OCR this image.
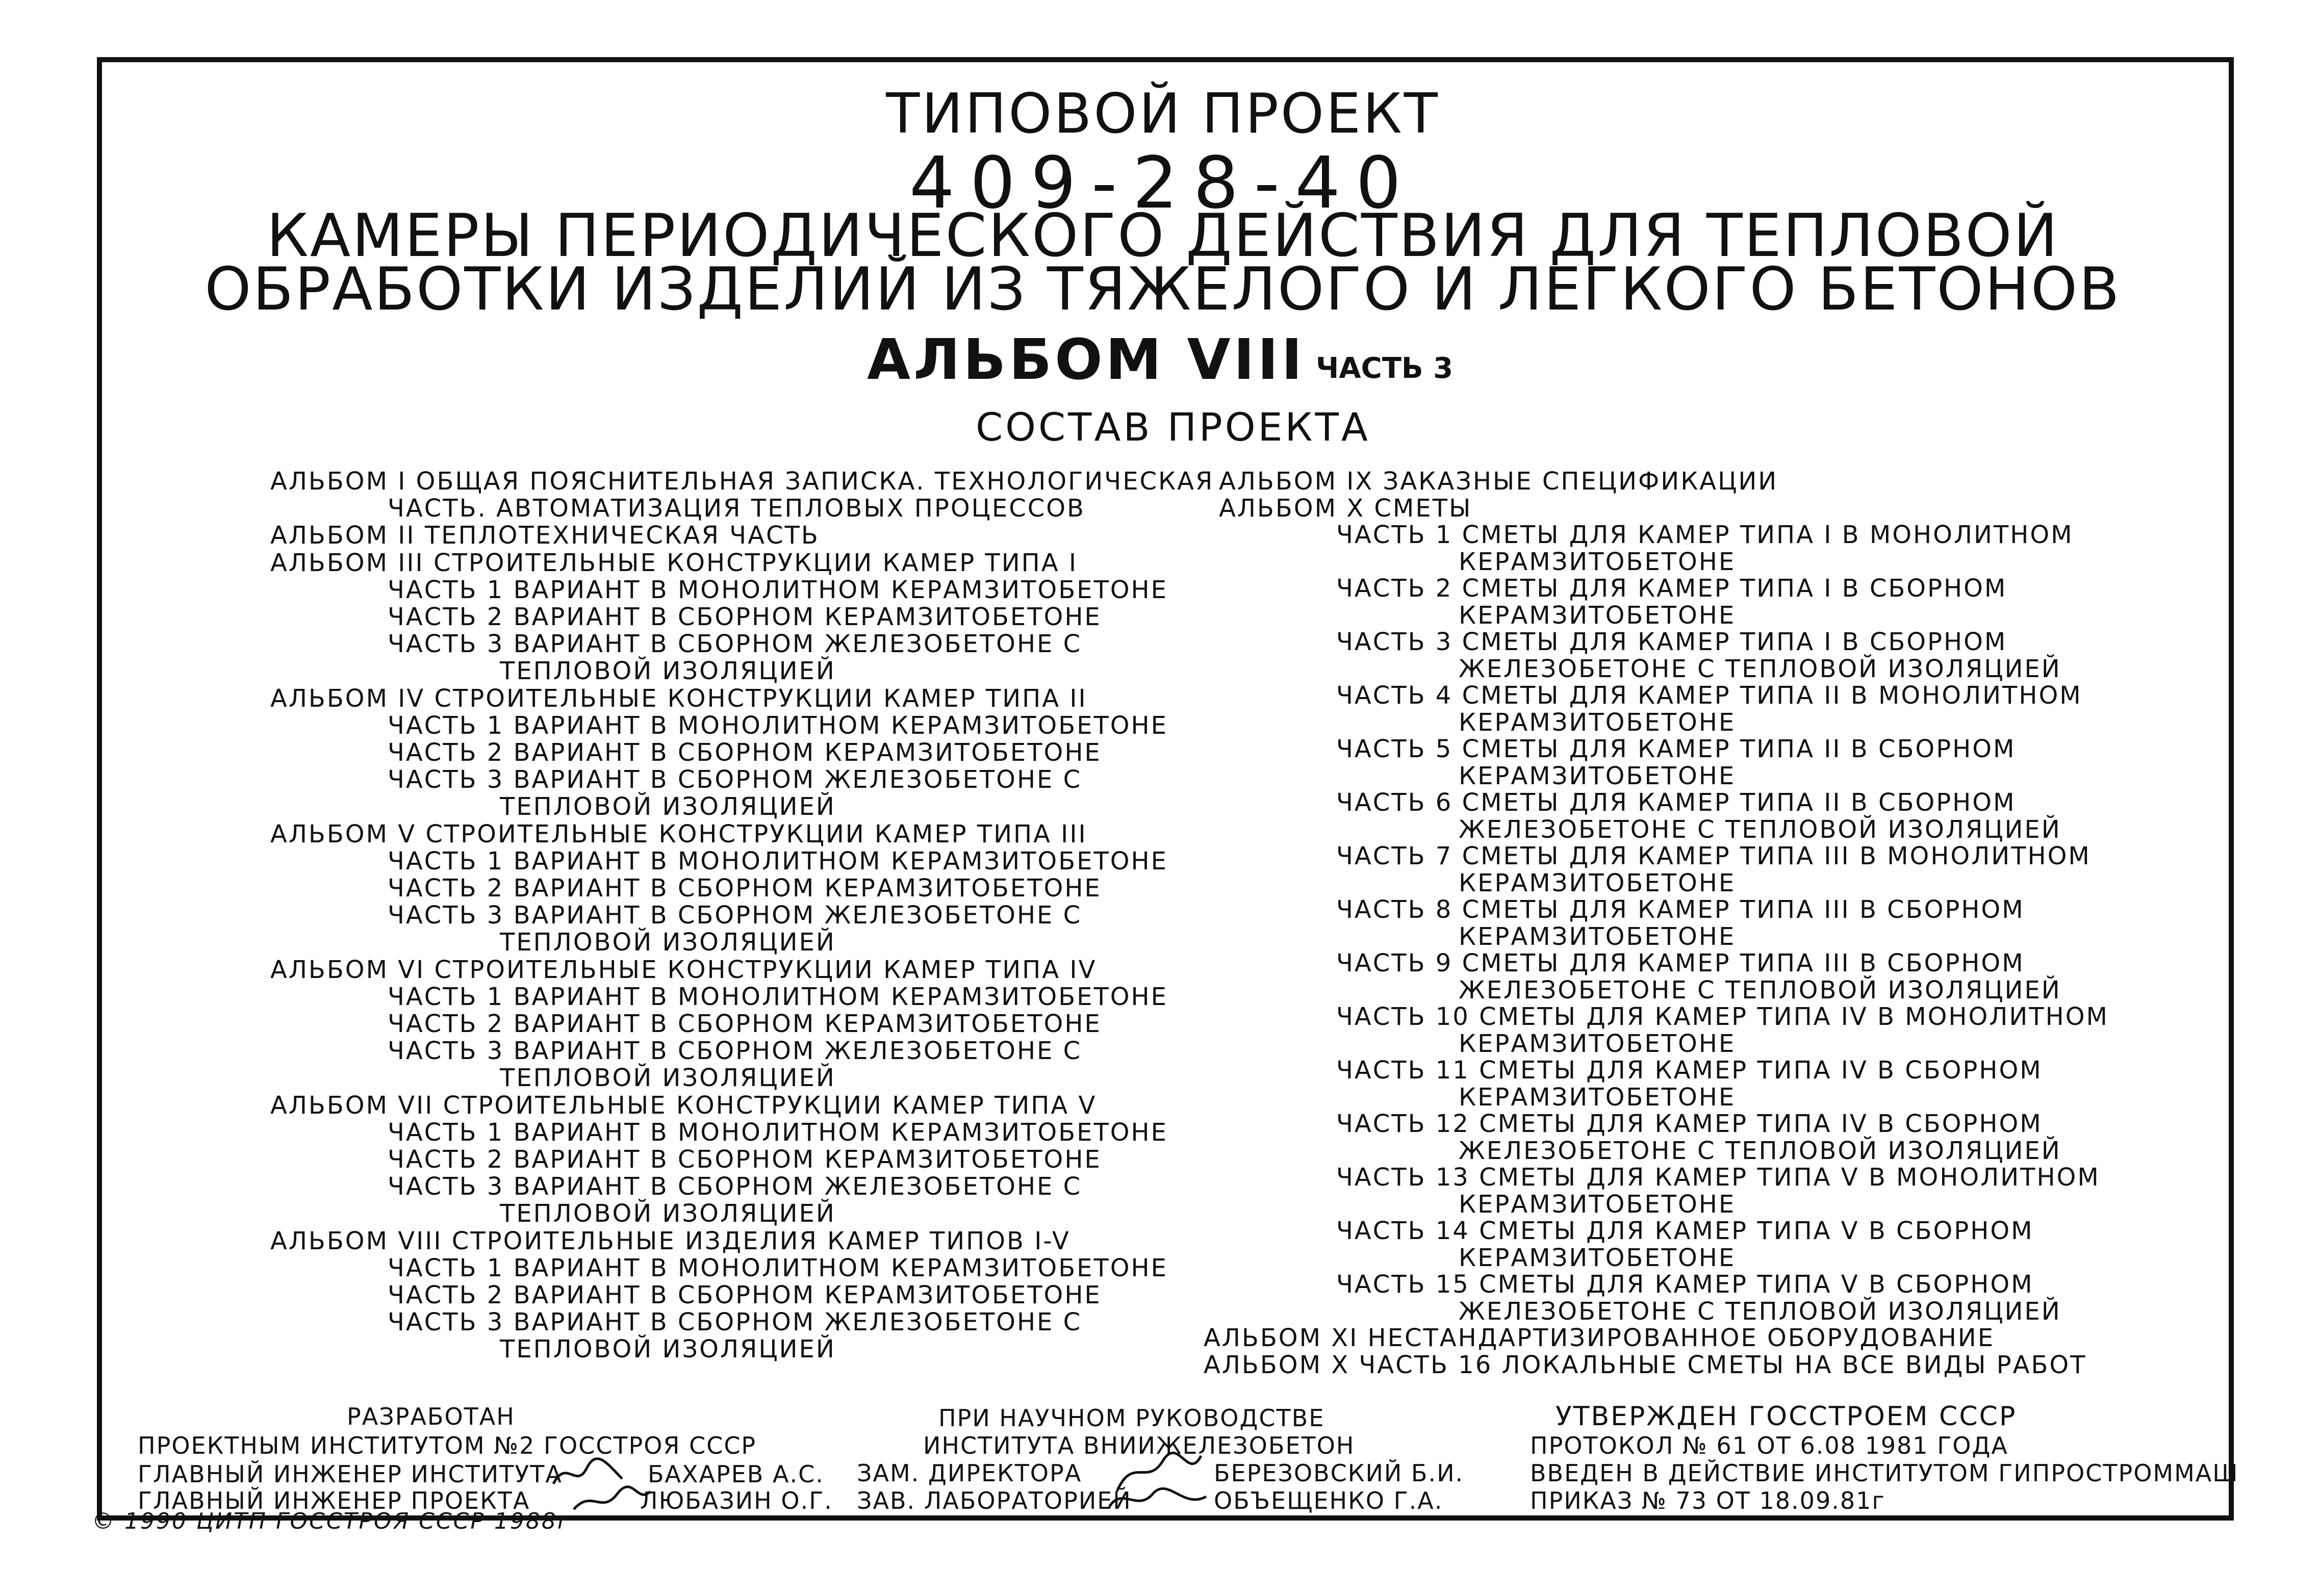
ТИПОВОЙ ПРОЕКТ
409-28-40
КАМЕРЫ ПЕРИОДИЧЕСКОГО ДЕЙСТВИЯ ДЛЯ ТЕПЛОВОЙ
ОБРАБОТКИ ИЗДЕЛИЙ ИЗ ТЯЖЕЛОГО И ЛЕГКОГО БЕТОНОВ
АЛЬБОМ VIII ЧАСТЬ 3
СОСТАВ ПРОЕКТА
АЛЬБОМ I ОБЩАЯ ПОЯСНИТЕЛЬНАЯ ЗАПИСКА. ТЕХНОЛОГИЧЕСКАЯ
ЧАСТЬ. АВТОМАТИЗАЦИЯ ТЕПЛОВЫХ ПРОЦЕССОВ
АЛЬБОМ II ТЕПЛОТЕХНИЧЕСКАЯ ЧАСТЬ
АЛЬБОМ III СТРОИТЕЛЬНЫЕ КОНСТРУКЦИИ КАМЕР ТИПА I
ЧАСТЬ 1 ВАРИАНТ В МОНОЛИТНОМ КЕРАМЗИТОБЕТОНЕ
ЧАСТЬ 2 ВАРИАНТ В СБОРНОМ КЕРАМЗИТОБЕТОНЕ
ЧАСТЬ 3 ВАРИАНТ В СБОРНОМ ЖЕЛЕЗОБЕТОНЕ С
ТЕПЛОВОЙ ИЗОЛЯЦИЕЙ
АЛЬБОМ IV СТРОИТЕЛЬНЫЕ КОНСТРУКЦИИ КАМЕР ТИПА II
ЧАСТЬ 1 ВАРИАНТ В МОНОЛИТНОМ КЕРАМЗИТОБЕТОНЕ
ЧАСТЬ 2 ВАРИАНТ В СБОРНОМ КЕРАМЗИТОБЕТОНЕ
ЧАСТЬ 3 ВАРИАНТ В СБОРНОМ ЖЕЛЕЗОБЕТОНЕ С
ТЕПЛОВОЙ ИЗОЛЯЦИЕЙ
АЛЬБОМ V СТРОИТЕЛЬНЫЕ КОНСТРУКЦИИ КАМЕР ТИПА III
ЧАСТЬ 1 ВАРИАНТ В МОНОЛИТНОМ КЕРАМЗИТОБЕТОНЕ
ЧАСТЬ 2 ВАРИАНТ В СБОРНОМ КЕРАМЗИТОБЕТОНЕ
ЧАСТЬ 3 ВАРИАНТ В СБОРНОМ ЖЕЛЕЗОБЕТОНЕ С
ТЕПЛОВОЙ ИЗОЛЯЦИЕЙ
АЛЬБОМ VI СТРОИТЕЛЬНЫЕ КОНСТРУКЦИИ КАМЕР ТИПА IV
ЧАСТЬ 1 ВАРИАНТ В МОНОЛИТНОМ КЕРАМЗИТОБЕТОНЕ
ЧАСТЬ 2 ВАРИАНТ В СБОРНОМ КЕРАМЗИТОБЕТОНЕ
ЧАСТЬ 3 ВАРИАНТ В СБОРНОМ ЖЕЛЕЗОБЕТОНЕ С
ТЕПЛОВОЙ ИЗОЛЯЦИЕЙ
АЛЬБОМ VII СТРОИТЕЛЬНЫЕ КОНСТРУКЦИИ КАМЕР ТИПА V
ЧАСТЬ 1 ВАРИАНТ В МОНОЛИТНОМ КЕРАМЗИТОБЕТОНЕ
ЧАСТЬ 2 ВАРИАНТ В СБОРНОМ КЕРАМЗИТОБЕТОНЕ
ЧАСТЬ 3 ВАРИАНТ В СБОРНОМ ЖЕЛЕЗОБЕТОНЕ С
ТЕПЛОВОЙ ИЗОЛЯЦИЕЙ
АЛЬБОМ VIII СТРОИТЕЛЬНЫЕ ИЗДЕЛИЯ КАМЕР ТИПОВ I-V
ЧАСТЬ 1 ВАРИАНТ В МОНОЛИТНОМ КЕРАМЗИТОБЕТОНЕ
ЧАСТЬ 2 ВАРИАНТ В СБОРНОМ КЕРАМЗИТОБЕТОНЕ
ЧАСТЬ 3 ВАРИАНТ В СБОРНОМ ЖЕЛЕЗОБЕТОНЕ С
ТЕПЛОВОЙ ИЗОЛЯЦИЕЙ
АЛЬБОМ IX ЗАКАЗНЫЕ СПЕЦИФИКАЦИИ
АЛЬБОМ X СМЕТЫ
ЧАСТЬ 1 СМЕТЫ ДЛЯ КАМЕР ТИПА I В МОНОЛИТНОМ
КЕРАМЗИТОБЕТОНЕ
ЧАСТЬ 2 СМЕТЫ ДЛЯ КАМЕР ТИПА I В СБОРНОМ
КЕРАМЗИТОБЕТОНЕ
ЧАСТЬ 3 СМЕТЫ ДЛЯ КАМЕР ТИПА I В СБОРНОМ
ЖЕЛЕЗОБЕТОНЕ С ТЕПЛОВОЙ ИЗОЛЯЦИЕЙ
ЧАСТЬ 4 СМЕТЫ ДЛЯ КАМЕР ТИПА II В МОНОЛИТНОМ
КЕРАМЗИТОБЕТОНЕ
ЧАСТЬ 5 СМЕТЫ ДЛЯ КАМЕР ТИПА II В СБОРНОМ
КЕРАМЗИТОБЕТОНЕ
ЧАСТЬ 6 СМЕТЫ ДЛЯ КАМЕР ТИПА II В СБОРНОМ
ЖЕЛЕЗОБЕТОНЕ С ТЕПЛОВОЙ ИЗОЛЯЦИЕЙ
ЧАСТЬ 7 СМЕТЫ ДЛЯ КАМЕР ТИПА III В МОНОЛИТНОМ
КЕРАМЗИТОБЕТОНЕ
ЧАСТЬ 8 СМЕТЫ ДЛЯ КАМЕР ТИПА III В СБОРНОМ
КЕРАМЗИТОБЕТОНЕ
ЧАСТЬ 9 СМЕТЫ ДЛЯ КАМЕР ТИПА III В СБОРНОМ
ЖЕЛЕЗОБЕТОНЕ С ТЕПЛОВОЙ ИЗОЛЯЦИЕЙ
ЧАСТЬ 10 СМЕТЫ ДЛЯ КАМЕР ТИПА IV В МОНОЛИТНОМ
КЕРАМЗИТОБЕТОНЕ
ЧАСТЬ 11 СМЕТЫ ДЛЯ КАМЕР ТИПА IV В СБОРНОМ
КЕРАМЗИТОБЕТОНЕ
ЧАСТЬ 12 СМЕТЫ ДЛЯ КАМЕР ТИПА IV В СБОРНОМ
ЖЕЛЕЗОБЕТОНЕ С ТЕПЛОВОЙ ИЗОЛЯЦИЕЙ
ЧАСТЬ 13 СМЕТЫ ДЛЯ КАМЕР ТИПА V В МОНОЛИТНОМ
КЕРАМЗИТОБЕТОНЕ
ЧАСТЬ 14 СМЕТЫ ДЛЯ КАМЕР ТИПА V В СБОРНОМ
КЕРАМЗИТОБЕТОНЕ
ЧАСТЬ 15 СМЕТЫ ДЛЯ КАМЕР ТИПА V В СБОРНОМ
ЖЕЛЕЗОБЕТОНЕ С ТЕПЛОВОЙ ИЗОЛЯЦИЕЙ
АЛЬБОМ XI НЕСТАНДАРТИЗИРОВАННОЕ ОБОРУДОВАНИЕ
АЛЬБОМ X ЧАСТЬ 16 ЛОКАЛЬНЫЕ СМЕТЫ НА ВСЕ ВИДЫ РАБОТ
РАЗРАБОТАН
ПРОЕКТНЫМ ИНСТИТУТОМ №2 ГОССТРОЯ СССР
ГЛАВНЫЙ ИНЖЕНЕР ИНСТИТУТА	БАХАРЕВ А.С.
ГЛАВНЫЙ ИНЖЕНЕР ПРОЕКТА	ЛЮБАЗИН О.Г.
© 1990 ЦИТП ГОССТРОЯ СССР 1988г
ПРИ НАУЧНОМ РУКОВОДСТВЕ
ИНСТИТУТА ВНИИЖЕЛЕЗОБЕТОН
ЗАМ. ДИРЕКТОРА	БЕРЕЗОВСКИЙ Б.И.
ЗАВ. ЛАБОРАТОРИЕЙ	ОБЪЕЩЕНКО Г.А.
УТВЕРЖДЕН ГОССТРОЕМ СССР
ПРОТОКОЛ № 61 ОТ 6.08 1981 ГОДА
ВВЕДЕН В ДЕЙСТВИЕ ИНСТИТУТОМ ГИПРОСТРОММАШ
ПРИКАЗ № 73 ОТ 18.09.81г
